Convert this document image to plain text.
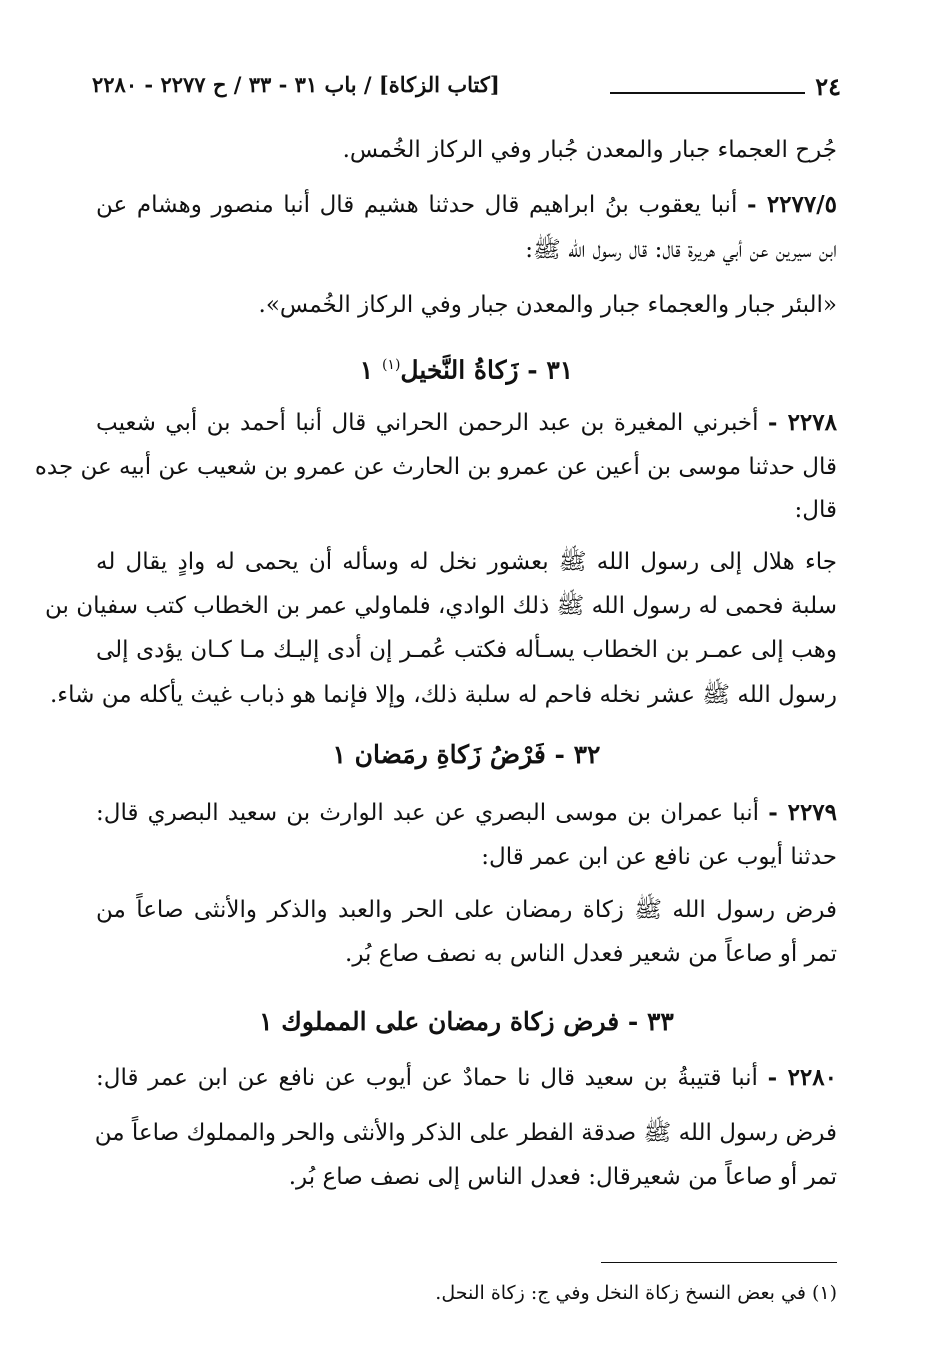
٢٤
[كتاب الزكاة] / باب ٣١ - ٣٣ / ح ٢٢٧٧ - ٢٢٨٠
جُرح العجماء جبار والمعدن جُبار وفي الركاز الخُمس.
٢٢٧٧/٥ - أنبا يعقوب بنُ ابراهيم قال حدثنا هشيم قال أنبا منصور وهشام عن
ابن سيرين عن أبي هريرة قال: قال رسول الله ﷺ:
«البئر جبار والعجماء جبار والمعدن جبار وفي الركاز الخُمس».
٣١ - زَكاةُ النَّخيل$^{(١)}$ ١
٢٢٧٨ - أخبرني المغيرة بن عبد الرحمن الحراني قال أنبا أحمد بن أبي شعيب
قال حدثنا موسى بن أعين عن عمرو بن الحارث عن عمرو بن شعيب عن أبيه عن جده
قال:
جاء هلال إلى رسول الله ﷺ بعشور نخل له وسأله أن يحمى له وادٍ يقال له
سلبة فحمى له رسول الله ﷺ ذلك الوادي، فلماولي عمر بن الخطاب كتب سفيان بن
وهب إلى عمـر بن الخطاب يسـأله فكتب عُمـر إن أدى إليـك مـا كـان يؤدى إلى
رسول الله ﷺ عشر نخله فاحم له سلبة ذلك، وإلا فإنما هو ذباب غيث يأكله من شاء.
٣٢ - فَرْضُ زَكاةِ رمَضان ١
٢٢٧٩ - أنبا عمران بن موسى البصري عن عبد الوارث بن سعيد البصري قال:
حدثنا أيوب عن نافع عن ابن عمر قال:
فرض رسول الله ﷺ زكاة رمضان على الحر والعبد والذكر والأنثى صاعاً من
تمر أو صاعاً من شعير فعدل الناس به نصف صاع بُر.
٣٣ - فرض زكاة رمضان على المملوك ١
٢٢٨٠ - أنبا قتيبةُ بن سعيد قال نا حمادٌ عن أيوب عن نافع عن ابن عمر قال:
فرض رسول الله ﷺ صدقة الفطر على الذكر والأنثى والحر والمملوك صاعاً من
تمر أو صاعاً من شعيرقال: فعدل الناس إلى نصف صاع بُر.
(١) في بعض النسخ زكاة النخل وفي ج: زكاة النحل.
